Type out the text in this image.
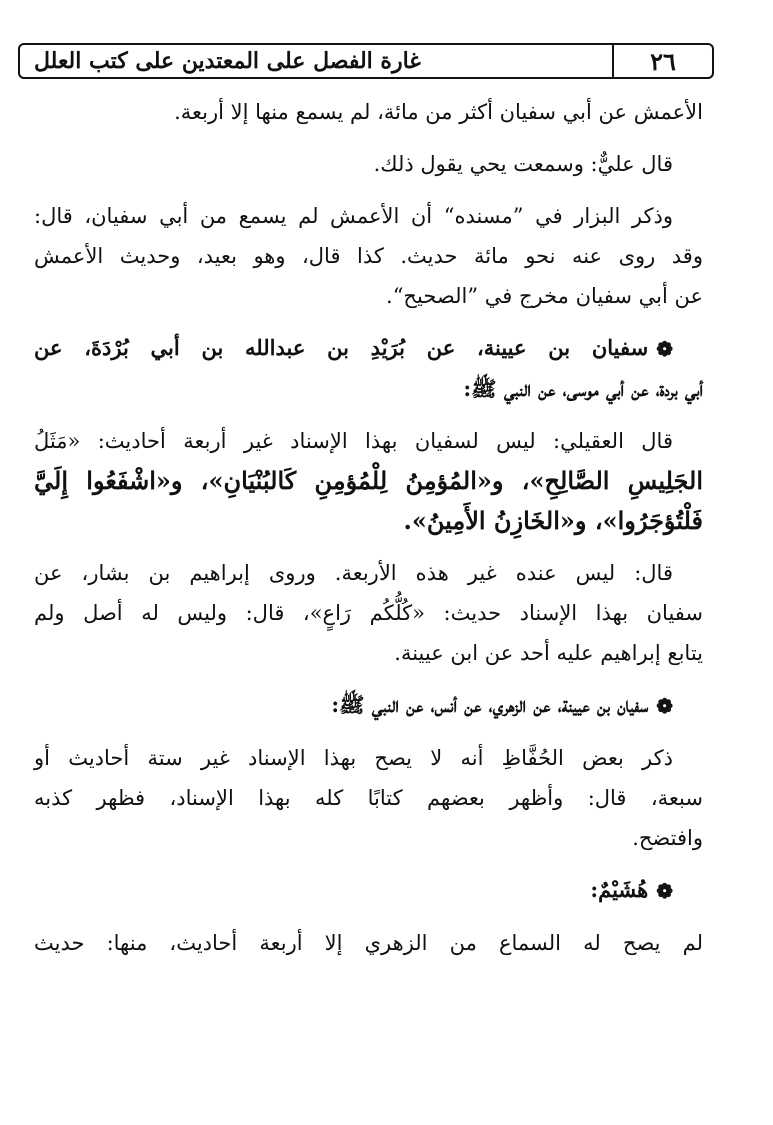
غارة الفصل على المعتدين على كتب العلل	٢٦

الأعمش عن أبي سفيان أكثر من مائة، لم يسمع منها إلا أربعة.

قال عليٌّ: وسمعت يحي يقول ذلك.

وذكر البزار في ”مسنده“ أن الأعمش لم يسمع من أبي سفيان، قال:
وقد روى عنه نحو مائة حديث. كذا قال، وهو بعيد، وحديث الأعمش
عن أبي سفيان مخرج في ”الصحيح“.

❁سفيان بن عيينة، عن بُرَيْدِ بن عبدالله بن أبي بُرْدَةَ، عن
أبي بردة، عن أبي موسى، عن النبي ﷺ:

قال العقيلي: ليس لسفيان بهذا الإسناد غير أربعة أحاديث: «مَثَلُ
الجَلِيسِ الصَّالِحِ»، و«المُؤمِنُ لِلْمُؤمِنِ كَالبُنْيَانِ»، و«اشْفَعُوا إِلَيَّ
فَلْتُؤجَرُوا»، و«الخَازِنُ الأَمِينُ».

قال: ليس عنده غير هذه الأربعة. وروى إبراهيم بن بشار، عن
سفيان بهذا الإسناد حديث: «كُلُّكُم رَاعٍ»، قال: وليس له أصل ولم
يتابع إبراهيم عليه أحد عن ابن عيينة.

❁سفيان بن عيينة، عن الزهري، عن أنس، عن النبي ﷺ:

ذكر بعض الحُفَّاظِ أنه لا يصح بهذا الإسناد غير ستة أحاديث أو
سبعة، قال: وأظهر بعضهم كتابًا كله بهذا الإسناد، فظهر كذبه
وافتضح.

❁هُشَيْمٌ:

لم يصح له السماع من الزهري إلا أربعة أحاديث، منها: حديث
